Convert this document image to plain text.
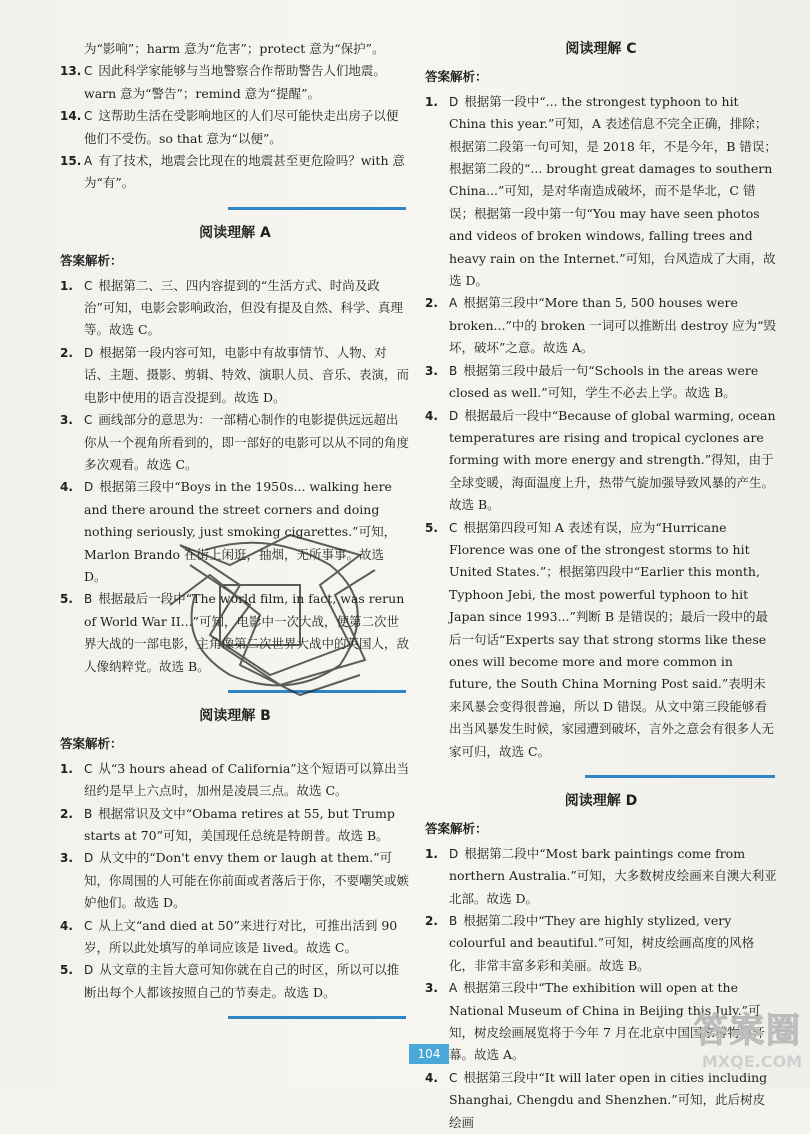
为“影响”；harm 意为“危害”；protect 意为“保护”。

13. C 因此科学家能够与当地警察合作帮助警告人们地震。warn 意为“警告”；remind 意为“提醒”。

14. C 这帮助生活在受影响地区的人们尽可能快走出房子以便他们不受伤。so that 意为“以便”。

15. A 有了技术，地震会比现在的地震甚至更危险吗？with 意为“有”。

阅读理解 A
答案解析：

1. C 根据第二、三、四内容提到的“生活方式、时尚及政治”可知，电影会影响政治，但没有提及自然、科学、真理等。故选 C。

2. D 根据第一段内容可知，电影中有故事情节、人物、对话、主题、摄影、剪辑、特效、演职人员、音乐、表演，而电影中使用的语言没提到。故选 D。

3. C 画线部分的意思为：一部精心制作的电影提供远远超出你从一个视角所看到的，即一部好的电影可以从不同的角度多次观看。故选 C。

4. D 根据第三段中“Boys in the 1950s... walking here and there around the street corners and doing nothing seriously, just smoking cigarettes.”可知，Marlon Brando 在街上闲逛，抽烟，无所事事。故选 D。

5. B 根据最后一段中“The world film, in fact, was rerun of World War II...”可知，电影中一次大战，便第二次世界大战的一部电影，主角像第二次世界大战中的英国人，敌人像纳粹党。故选 B。

阅读理解 B
答案解析：

1. C 从“3 hours ahead of California”这个短语可以算出当纽约是早上六点时，加州是凌晨三点。故选 C。

2. B 根据常识及文中“Obama retires at 55, but Trump starts at 70”可知，美国现任总统是特朗普。故选 B。

3. D 从文中的“Don't envy them or laugh at them.”可知，你周围的人可能在你前面或者落后于你，不要嘲笑或嫉妒他们。故选 D。

4. C 从上文“and died at 50”来进行对比，可推出活到 90 岁，所以此处填写的单词应该是 lived。故选 C。

5. D 从文章的主旨大意可知你就在自己的时区，所以可以推断出每个人都该按照自己的节奏走。故选 D。

阅读理解 C
答案解析：

1. D 根据第一段中“... the strongest typhoon to hit China this year.”可知，A 表述信息不完全正确，排除；根据第二段第一句可知，是 2018 年，不是今年，B 错误；根据第二段的“... brought great damages to southern China...”可知，是对华南造成破坏，而不是华北，C 错误；根据第一段中第一句“You may have seen photos and videos of broken windows, falling trees and heavy rain on the Internet.”可知，台风造成了大雨，故选 D。

2. A 根据第三段中“More than 5, 500 houses were broken...”中的 broken 一词可以推断出 destroy 应为“毁坏，破坏”之意。故选 A。

3. B 根据第三段中最后一句“Schools in the areas were closed as well.”可知，学生不必去上学。故选 B。

4. D 根据最后一段中“Because of global warming, ocean temperatures are rising and tropical cyclones are forming with more energy and strength.”得知，由于全球变暖，海面温度上升，热带气旋加强导致风暴的产生。故选 B。

5. C 根据第四段可知 A 表述有误，应为“Hurricane Florence was one of the strongest storms to hit United States.”；根据第四段中“Earlier this month, Typhoon Jebi, the most powerful typhoon to hit Japan since 1993...”判断 B 是错误的；最后一段中的最后一句话“Experts say that strong storms like these ones will become more and more common in future, the South China Morning Post said.”表明未来风暴会变得很普遍，所以 D 错误。从文中第三段能够看出当风暴发生时候，家园遭到破坏，言外之意会有很多人无家可归，故选 C。

阅读理解 D
答案解析：

1. D 根据第二段中“Most bark paintings come from northern Australia.”可知，大多数树皮绘画来自澳大利亚北部。故选 D。

2. B 根据第二段中“They are highly stylized, very colourful and beautiful.”可知，树皮绘画高度的风格化，非常丰富多彩和美丽。故选 B。

3. A 根据第三段中“The exhibition will open at the National Museum of China in Beijing this July.”可知，树皮绘画展览将于今年 7 月在北京中国国家博物馆开幕。故选 A。

4. C 根据第三段中“It will later open in cities including Shanghai, Chengdu and Shenzhen.”可知，此后树皮绘画

104
答案圈
MXQE.COM
